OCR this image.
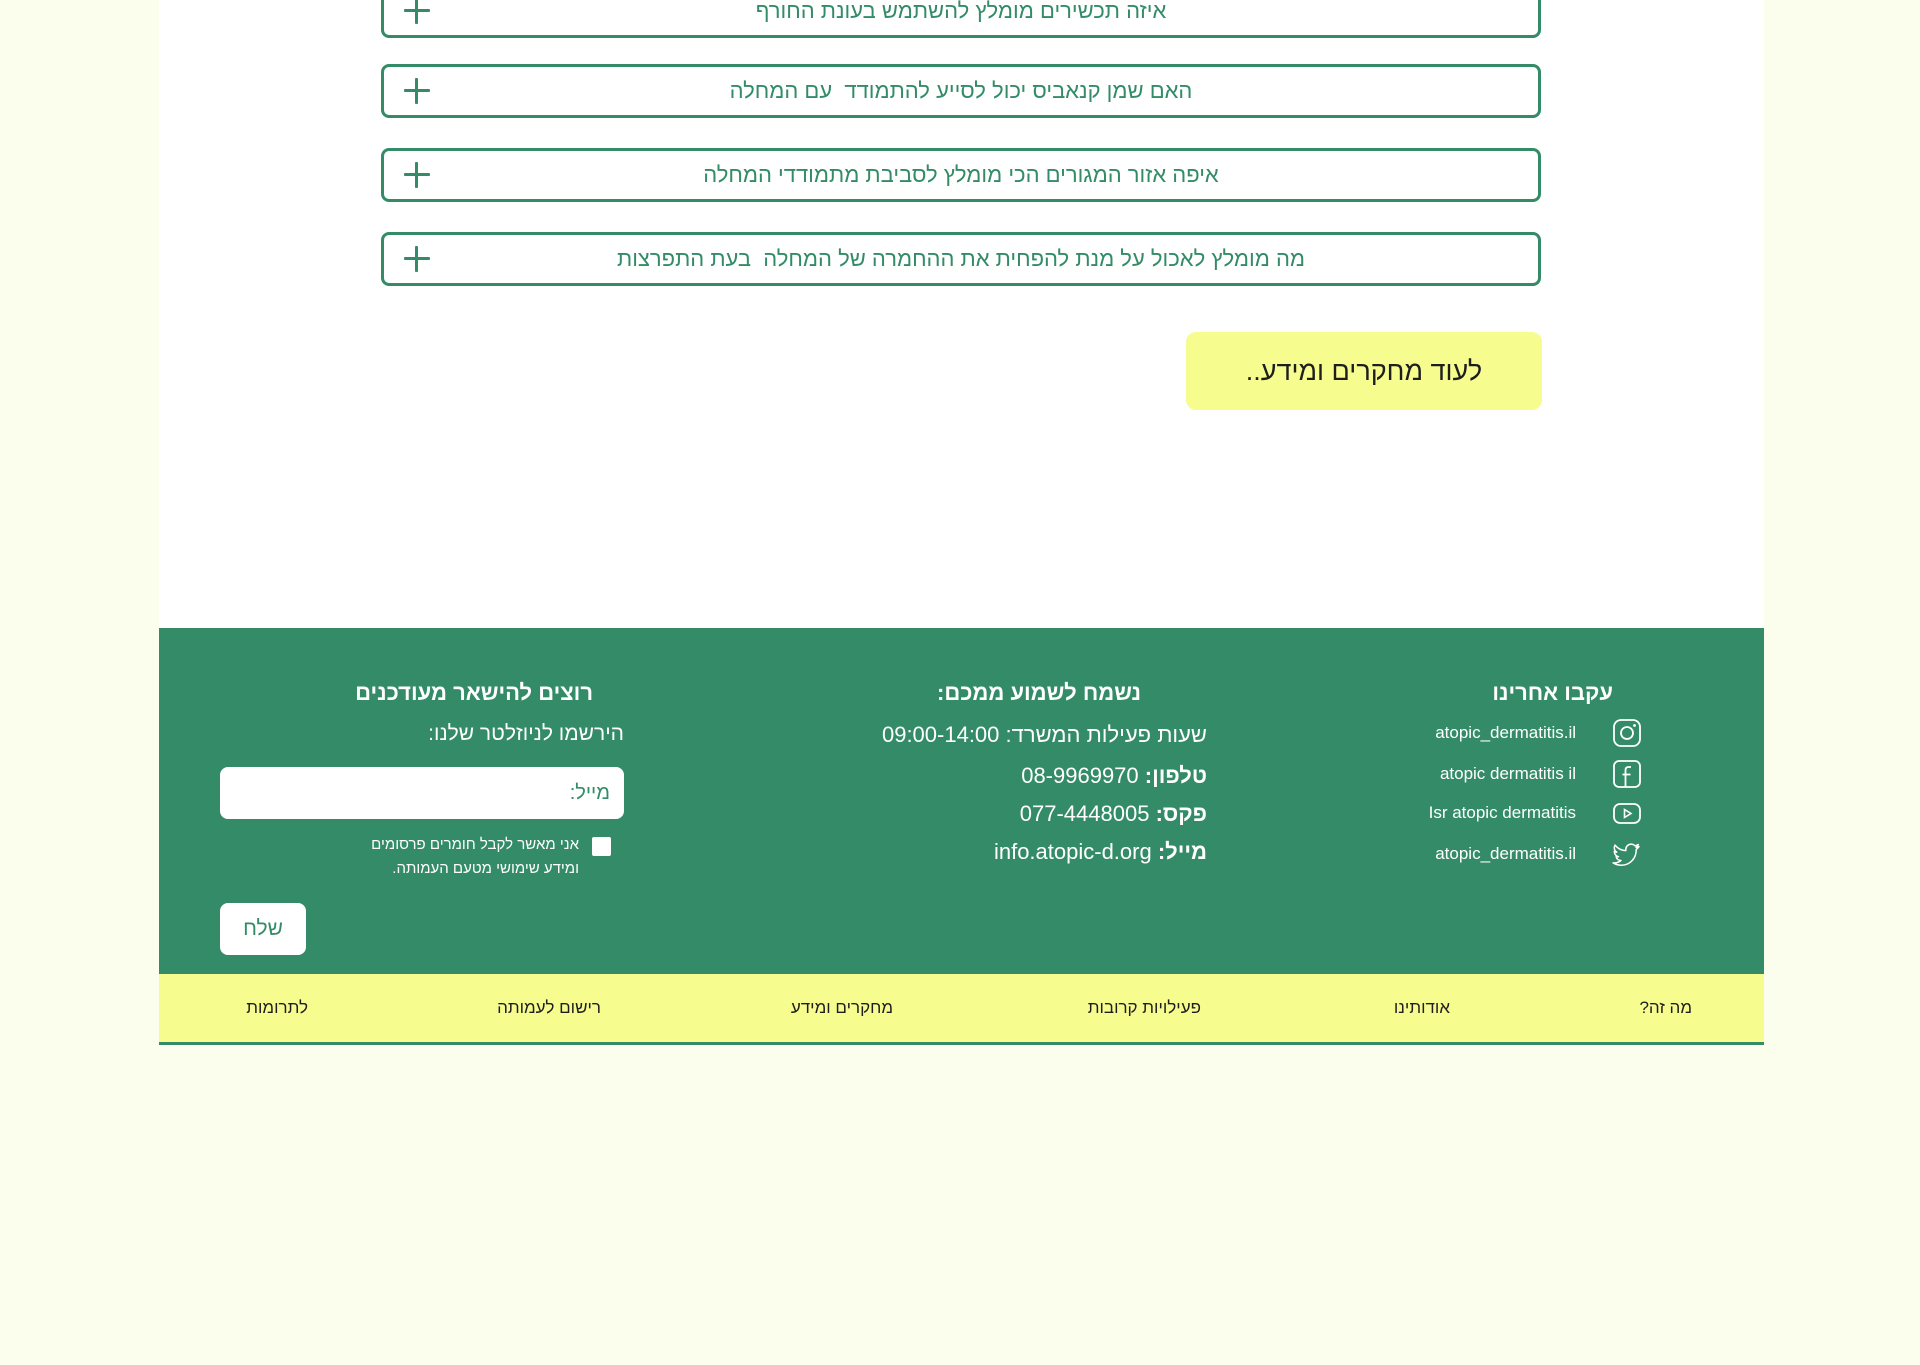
איזה תכשירים מומלץ להשתמש בעונת החורף
האם שמן קנאביס יכול לסייע להתמודד  עם המחלה
איפה אזור המגורים הכי מומלץ לסביבת מתמודדי המחלה
מה מומלץ לאכול על מנת להפחית את ההחמרה של המחלה  בעת התפרצות
לעוד מחקרים ומידע..
עקבו אחרינו
atopic_dermatitis.il
atopic dermatitis il
Isr atopic dermatitis
atopic_dermatitis.il
נשמח לשמוע ממכם:
שעות פעילות המשרד: 09:00-14:00
טלפון: 08-9969970
פקס: 077-4448005
מייל: info.atopic-d.org
רוצים להישאר מעודכנים
הירשמו לניוזלטר שלנו:
מייל:
אני מאשר לקבל חומרים פרסומים
ומידע שימושי מטעם העמותה.
שלח
מה זה?
אודותינו
פעילויות קרובות
מחקרים ומידע
רישום לעמותה
לתרומות
